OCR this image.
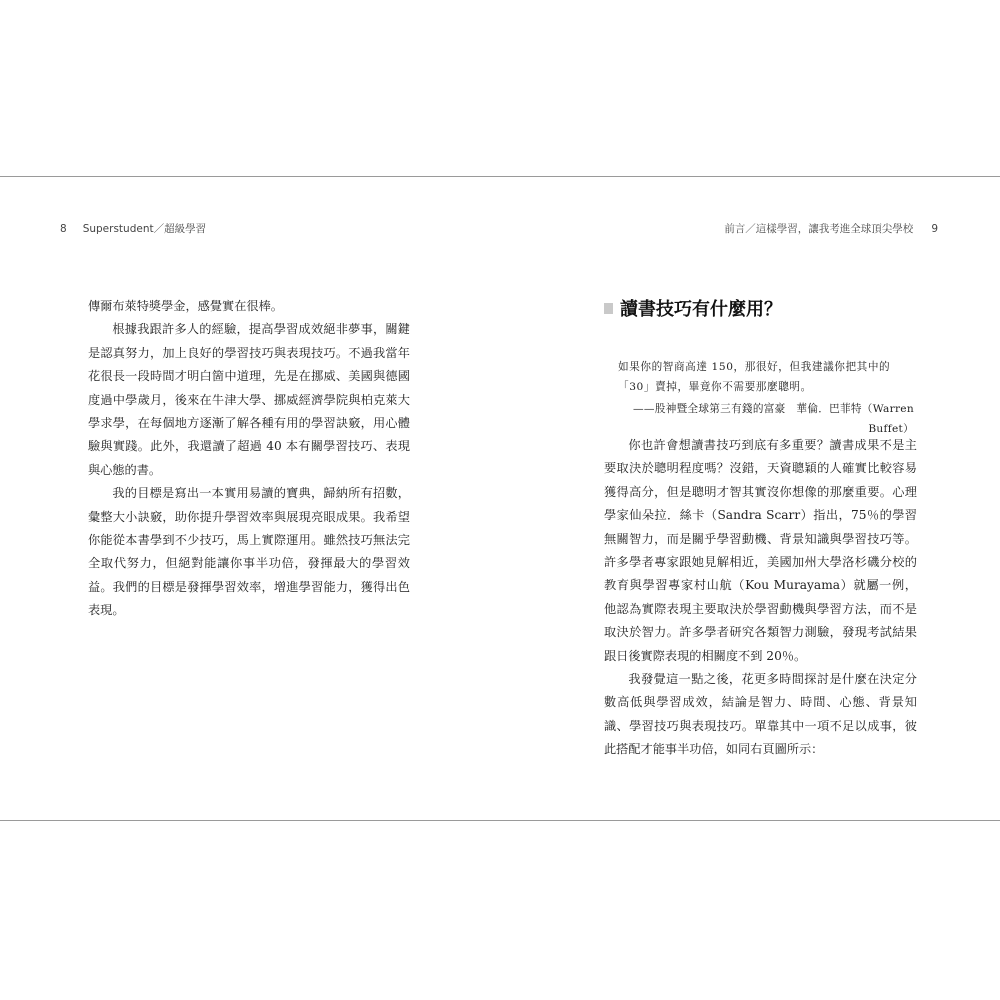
8 Superstudent／超級學習

傳爾布萊特獎學金，感覺實在很棒。

根據我跟許多人的經驗，提高學習成效絕非夢事，關鍵是認真努力，加上良好的學習技巧與表現技巧。不過我當年花很長一段時間才明白箇中道理，先是在挪威、美國與德國度過中學歲月，後來在牛津大學、挪威經濟學院與柏克萊大學求學，在每個地方逐漸了解各種有用的學習訣竅，用心體驗與實踐。此外，我還讀了超過 40 本有關學習技巧、表現與心態的書。

我的目標是寫出一本實用易讀的寶典，歸納所有招數，彙整大小訣竅，助你提升學習效率與展現亮眼成果。我希望你能從本書學到不少技巧，馬上實際運用。雖然技巧無法完全取代努力，但絕對能讓你事半功倍，發揮最大的學習效益。我們的目標是發揮學習效率，增進學習能力，獲得出色表現。

前言／這樣學習，讓我考進全球頂尖學校 9
讀書技巧有什麼用？

如果你的智商高達 150，那很好，但我建議你把其中的「30」賣掉，畢竟你不需要那麼聰明。

——股神暨全球第三有錢的富豪　華倫．巴菲特（Warren Buffet）

你也許會想讀書技巧到底有多重要？讀書成果不是主要取決於聰明程度嗎？沒錯，天資聰穎的人確實比較容易獲得高分，但是聰明才智其實沒你想像的那麼重要。心理學家仙朵拉．絲卡（Sandra Scarr）指出，75％的學習無關智力，而是關乎學習動機、背景知識與學習技巧等。許多學者專家跟她見解相近，美國加州大學洛杉磯分校的教育與學習專家村山航（Kou Murayama）就屬一例，他認為實際表現主要取決於學習動機與學習方法，而不是取決於智力。許多學者研究各類智力測驗，發現考試結果跟日後實際表現的相關度不到 20％。

我發覺這一點之後，花更多時間探討是什麼在決定分數高低與學習成效，結論是智力、時間、心態、背景知識、學習技巧與表現技巧。單靠其中一項不足以成事，彼此搭配才能事半功倍，如同右頁圖所示：
